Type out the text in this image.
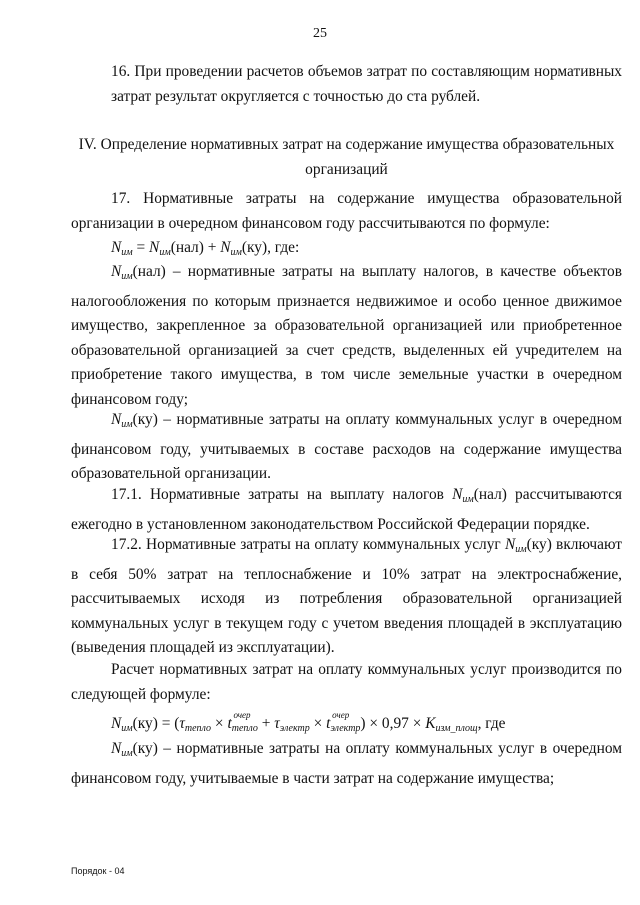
25
16. При проведении расчетов объемов затрат по составляющим нормативных
затрат результат округляется с точностью до ста рублей.
IV. Определение нормативных затрат на содержание имущества образовательных
организаций
17. Нормативные затраты на содержание имущества образовательной
организации в очередном финансовом году рассчитываются по формуле:
$N_{им} = N_{им}(нал) + N_{им}(ку)$, где:
$N_{им}(нал)$ – нормативные затраты на выплату налогов, в качестве объектов
налогообложения по которым признается недвижимое и особо ценное движимое
имущество, закрепленное за образовательной организацией или приобретенное
образовательной организацией за счет средств, выделенных ей учредителем на
приобретение такого имущества, в том числе земельные участки в очередном
финансовом году;
$N_{им}(ку)$ – нормативные затраты на оплату коммунальных услуг в очередном
финансовом году, учитываемых в составе расходов на содержание имущества
образовательной организации.
17.1. Нормативные затраты на выплату налогов $N_{им}(нал)$ рассчитываются
ежегодно в установленном законодательством Российской Федерации порядке.
17.2. Нормативные затраты на оплату коммунальных услуг $N_{им}(ку)$ включают
в себя 50% затрат на теплоснабжение и 10% затрат на электроснабжение,
рассчитываемых исходя из потребления образовательной организацией
коммунальных услуг в текущем году с учетом введения площадей в эксплуатацию
(выведения площадей из эксплуатации).
Расчет нормативных затрат на оплату коммунальных услуг производится по
следующей формуле:
$N_{им}(ку) = (\tau_{тепло} \times t$ очер
тепло + $\tau_{электр} \times t$ очер
электр) × $0,97 \times K_{изм\_площ}$, где
$N_{им}(ку)$ – нормативные затраты на оплату коммунальных услуг в очередном
финансовом году, учитываемые в части затрат на содержание имущества;
Порядок - 04
